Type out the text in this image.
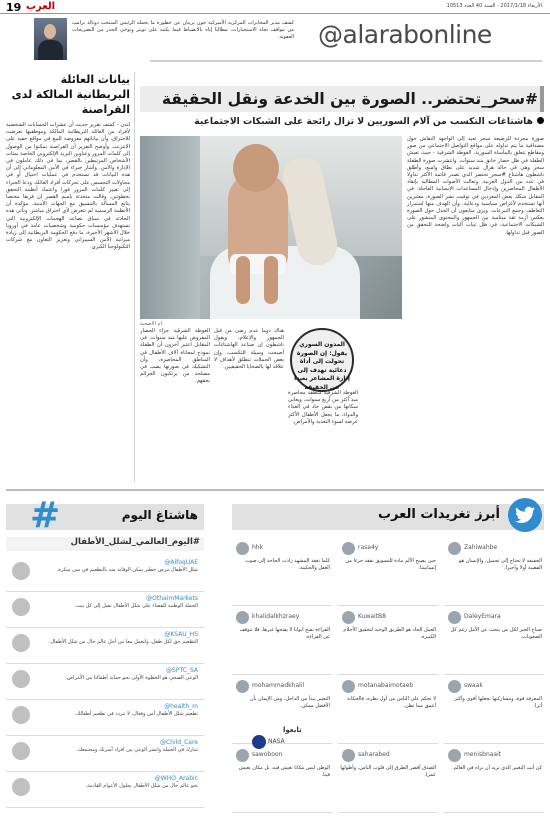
19 العرب	الأربعاء 2017/1/18 - السنة 40 العدد 10513
كشف مدير المخابرات المركزية الأميركية جون برينان عن خطورة ما يحمله الرئيس المنتخب دونالد ترامب من مواقف تجاه الاستخبارات، مطالبا إياه بالانضباط فيما يكتبه على تويتر وتوخي الحذر من التصريحات العفوية. @alarabonline
بيانات العائلة البريطانية المالكة لدى القراصنة
لندن - كشف تقرير حديث أن عشرات الحسابات الشخصية لأفراد من العائلة البريطانية المالكة وموظفيها تعرضت للاختراق، وأن بياناتهم معروضة للبيع في مواقع خفية على الإنترنت. وأوضح التقرير أن القراصنة تمكنوا من الوصول إلى كلمات المرور وعناوين البريد الإلكتروني الخاصة بمئات الأشخاص المرتبطين بالقصر، بما في ذلك عاملون في الإدارة والأمن. وأشار خبراء في الأمن المعلوماتي إلى أن هذه البيانات قد تستخدم في عمليات احتيال أو في محاولات التجسس على تحركات أفراد العائلة. ودعا الخبراء إلى تغيير كلمات المرور فورا واعتماد أنظمة التحقق بخطوتين. وقالت متحدثة باسم القصر إن فريقا مختصا يتابع المسألة بالتنسيق مع الجهات الأمنية، مؤكدة أن الأنظمة الرسمية لم تتعرض لأي اختراق مباشر. وتأتي هذه الحادثة في سياق تصاعد الهجمات الإلكترونية التي تستهدف مؤسسات حكومية وشخصيات عامة في أوروبا خلال الأشهر الأخيرة، ما دفع الحكومة البريطانية إلى زيادة ميزانية الأمن السيبراني وتعزيز التعاون مع شركات التكنولوجيا الكبرى.
#سحر_تحتضر.. الصورة بين الخدعة ونقل الحقيقة
هاشتاغات التكسب من آلام السوريين لا تزال رائجة على الشبكات الاجتماعية
ام الاضحية
صورة مجردة للرضيعة سحر تعيد إلى الواجهة النقاش حول مصداقية ما يتم تداوله على مواقع التواصل الاجتماعي من صور ومقاطع تتعلق بالمأساة السورية. الغوطة الشرقية - حيث تعيش الطفلة في ظل حصار خانق منذ سنوات. وانتشرت صورة الطفلة سحر وهي في حالة هزال شديد على نطاق واسع، وأطلق ناشطون هاشتاغ #سحر_تحتضر الذي تصدر قائمة الأكثر تداولا في عدد من الدول العربية. وتعالت الأصوات المطالبة بإنقاذ الأطفال المحاصرين وإدخال المساعدات الإنسانية العاجلة. في المقابل شكك بعض المغردين في توقيت نشر الصورة، معتبرين أنها تستخدم لأغراض سياسية ودعائية، وأن الهدف منها استدرار التعاطف وجمع التبرعات. ويرى متابعون أن الجدل حول الصورة يعكس أزمة ثقة متنامية بين الجمهور والمحتوى المنشور على الشبكات الاجتماعية، في ظل غياب آليات واضحة للتحقق من الصور قبل تداولها.
الغوطة الشرقية جراء الحصار المفروض عليها منذ سنوات. في المقابل اعتبر آخرون أن الطفلة نموذج لمعاناة آلاف الأطفال في المناطق المحاصرة، وأن التشكيك في صورتها يصب في مصلحة من يرتكبون الجرائم بحقهم.
هناك دوما عدم رضى من قبل الجمهور والإعلام، ويقول ناشطون إن صناعة الهاشتاغات أصبحت وسيلة للتكسب، وإن بعض الحملات تنطلق لأهداف لا علاقة لها بالضحايا الحقيقيين.
المدون السوري يقول: إن الصورة تحولت إلى أداة دعائية تهدف إلى إثارة المشاعر بعيدا عن الحقيقة
الغوطة الشرقية منطقة محاصرة منذ أكثر من أربع سنوات، ويعاني سكانها من نقص حاد في الغذاء والدواء، ما يجعل الأطفال الأكثر عرضة لسوء التغذية والأمراض.
#	هاشتاغ اليوم
#اليوم_العالمي_لشلل_الأطفال
@AlfoqUAE
شلل الأطفال مرض خطير يمكن الوقاية منه بالتطعيم في سن مبكرة.
@OthaimMarkets
الحملة الوطنية للقضاء على شلل الأطفال تصل إلى كل بيت.
@KSAU_HS
التطعيم حق لكل طفل، ولنعمل معا من أجل عالم خال من شلل الأطفال.
@SPTC_SA
الوعي الصحي هو الخطوة الأولى نحو حماية أطفالنا من الأمراض.
@health_m
تطعيم شلل الأطفال آمن وفعال، لا تتردد في تطعيم أطفالك.
@Child_Care
شارك في الحملة وانشر الوعي بين أفراد أسرتك ومجتمعك.
@WHO_Arabic
نحو عالم خال من شلل الأطفال بحلول الأعوام القادمة.
أبرز تغريدات العرب
Zahiwahbe
الحقيقة لا تحتاج إلى تجميل، والإنسان هو القضية أولا وأخيرا.
rasa4y
حين يصبح الألم مادة للتسويق نفقد جزءا من إنسانيتنا.
hhk
كلما تعقد المشهد زادت الحاجة إلى صوت العقل والحكمة.
DaleyEmara
صباح الخير لكل من يبحث عن الأمل رغم كل الصعوبات.
KuwaitB8
العمل الجاد هو الطريق الوحيد لتحقيق الأحلام الكبيرة.
khalidalkhzraey
القراءة تفتح أبوابا لا يفتحها غيرها، فلا تتوقف عن القراءة.
swaak
المعرفة قوة، ومشاركتها تجعلها أقوى وأكثر أثرا.
motanabaimotaeb
لا تحكم على الناس من أول نظرة، فالحكاية أعمق مما تظن.
mohammadkhalil
التغيير يبدأ من الداخل، ومن الإيمان بأن الأفضل ممكن.
menisbnaait
كن أنت التغيير الذي تريد أن تراه في العالم.
saharabed
الصدق أقصر الطرق إلى قلوب الناس، وأطولها عمرا.
sawoboon
الوطن ليس مكانا نعيش فيه، بل مكان يعيش فينا.
تابعوا
NASA
